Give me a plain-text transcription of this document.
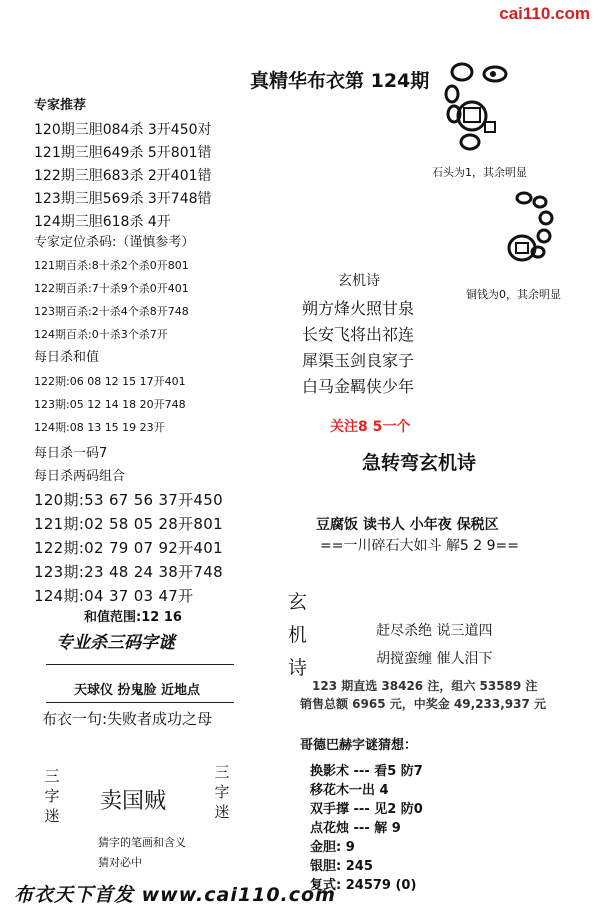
cai110.com
真精华布衣第 124期
专家推荐
120期三胆084杀 3开450对
121期三胆649杀 5开801错
122期三胆683杀 2开401错
123期三胆569杀 3开748错
124期三胆618杀 4开
专家定位杀码:（谨慎参考）
121期百杀:8十杀2个杀0开801
122期百杀:7十杀9个杀0开401
123期百杀:2十杀4个杀8开748
124期百杀:0十杀3个杀7开
每日杀和值
122期:06 08 12 15 17开401
123期:05 12 14 18 20开748
124期:08 13 15 19 23开
每日杀一码7
每日杀两码组合
120期:53 67 56 37开450
121期:02 58 05 28开801
122期:02 79 07 92开401
123期:23 48 24 38开748
124期:04 37 03 47开
和值范围:12 16
专业杀三码字谜
天球仪 扮鬼脸 近地点
布衣一句:失败者成功之母
三字迷
卖国贼
三字迷
猜字的笔画和含义
猜对必中
布衣天下首发 www.cai110.com
石头为1，其余明显
铜钱为0，其余明显
玄机诗
朔方烽火照甘泉
长安飞将出祁连
犀渠玉剑良家子
白马金羁侠少年
关注8 5一个
急转弯玄机诗
豆腐饭 读书人 小年夜 保税区
==一川碎石大如斗 解5 2 9==
玄
机
诗
赶尽杀绝 说三道四
胡搅蛮缠 催人泪下
123 期直选 38426 注，组六 53589 注
销售总额 6965 元，中奖金 49,233,937 元
哥德巴赫字谜猜想：
换影术 --- 看5 防7
移花木一出 4
双手撑 --- 见2 防0
点花烛 --- 解 9
金胆: 9
银胆: 245
复式: 24579 (0)
